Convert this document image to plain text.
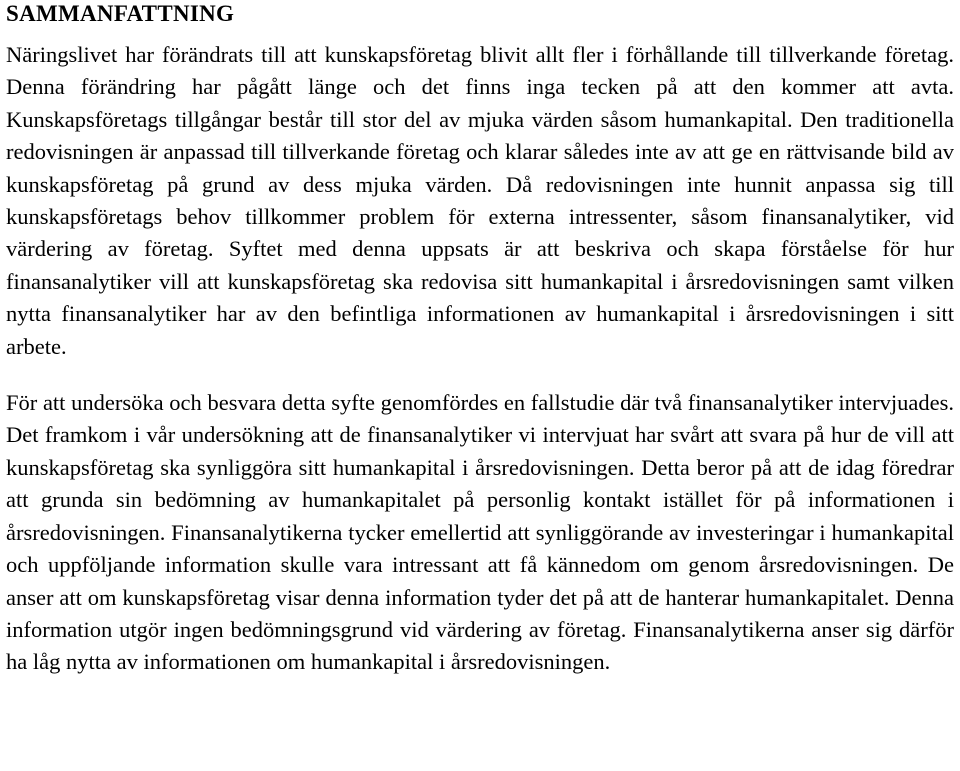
SAMMANFATTNING

Näringslivet har förändrats till att kunskapsföretag blivit allt fler i förhållande till tillverkande företag. Denna förändring har pågått länge och det finns inga tecken på att den kommer att avta. Kunskapsföretags tillgångar består till stor del av mjuka värden såsom humankapital. Den traditionella redovisningen är anpassad till tillverkande företag och klarar således inte av att ge en rättvisande bild av kunskapsföretag på grund av dess mjuka värden. Då redovisningen inte hunnit anpassa sig till kunskapsföretags behov tillkommer problem för externa intressenter, såsom finansanalytiker, vid värdering av företag. Syftet med denna uppsats är att beskriva och skapa förståelse för hur finansanalytiker vill att kunskapsföretag ska redovisa sitt humankapital i årsredovisningen samt vilken nytta finansanalytiker har av den befintliga informationen av humankapital i årsredovisningen i sitt arbete.

För att undersöka och besvara detta syfte genomfördes en fallstudie där två finansanalytiker intervjuades. Det framkom i vår undersökning att de finansanalytiker vi intervjuat har svårt att svara på hur de vill att kunskapsföretag ska synliggöra sitt humankapital i årsredovisningen. Detta beror på att de idag föredrar att grunda sin bedömning av humankapitalet på personlig kontakt istället för på informationen i årsredovisningen. Finansanalytikerna tycker emellertid att synliggörande av investeringar i humankapital och uppföljande information skulle vara intressant att få kännedom om genom årsredovisningen. De anser att om kunskapsföretag visar denna information tyder det på att de hanterar humankapitalet. Denna information utgör ingen bedömningsgrund vid värdering av företag. Finansanalytikerna anser sig därför ha låg nytta av informationen om humankapital i årsredovisningen.
